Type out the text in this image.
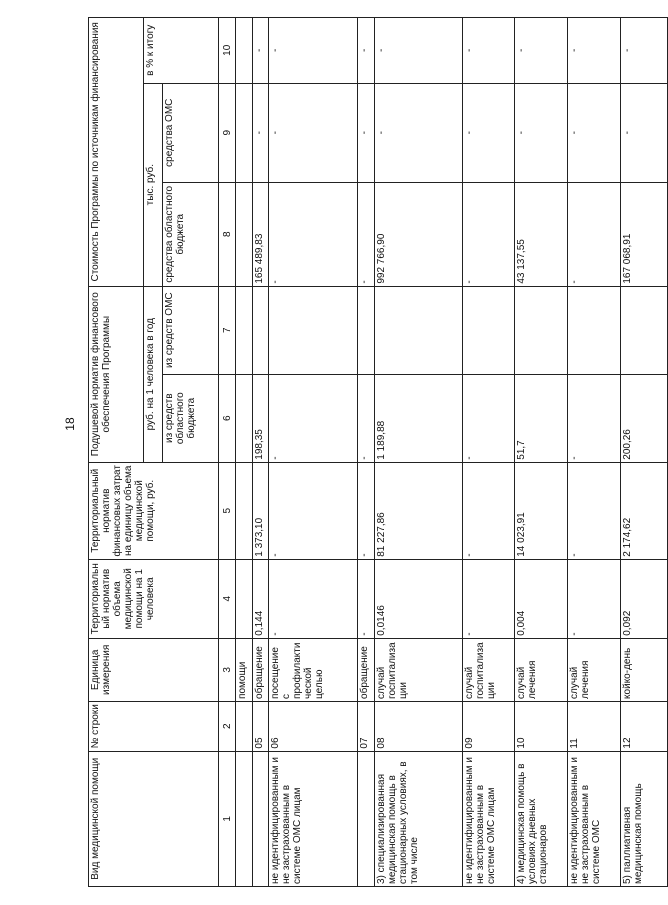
18
Вид медицинской помощи	№ строки	Единица измерения	Территориальный норматив объема медицинской помощи на 1 человека	Территориальный норматив финансовых затрат на единицу объема медицинской помощи, руб.	Подушевой норматив финансового обеспечения Программы		Стоимость Программы по источникам финансирования		
					руб. на 1 человека в год		тыс. руб.		в % к итогу
					из средств областного бюджета	из средств ОМС	средства областного бюджета	средства ОМС	
1	2	3	4	5	6	7	8	9	10
		помощи							
	05	обращение	0,144	1 373,10	198,35		165 489,83	-	-
не идентифицированным и не застрахованным в системе ОМС лицам	06	посещение с профилактической целью	-	-	-		-	-	-
	07	обращение	-	-	-		-	-	-
3) специализированная медицинская помощь в стационарных условиях, в том числе	08	случай госпитализации	0,0146	81 227,86	1 189,88		992 766,90	-	-
не идентифицированным и не застрахованным в системе ОМС лицам	09	случай госпитализации	-	-	-		-	-	-
4) медицинская помощь в условиях дневных стационаров	10	случай лечения	0,004	14 023,91	51,7		43 137,55	-	-
не идентифицированным и не застрахованным в системе ОМС	11	случай лечения	-	-	-		-	-	-
5) паллиативная медицинская помощь	12	койко-день	0,092	2 174,62	200,26		167 068,91	-	-
